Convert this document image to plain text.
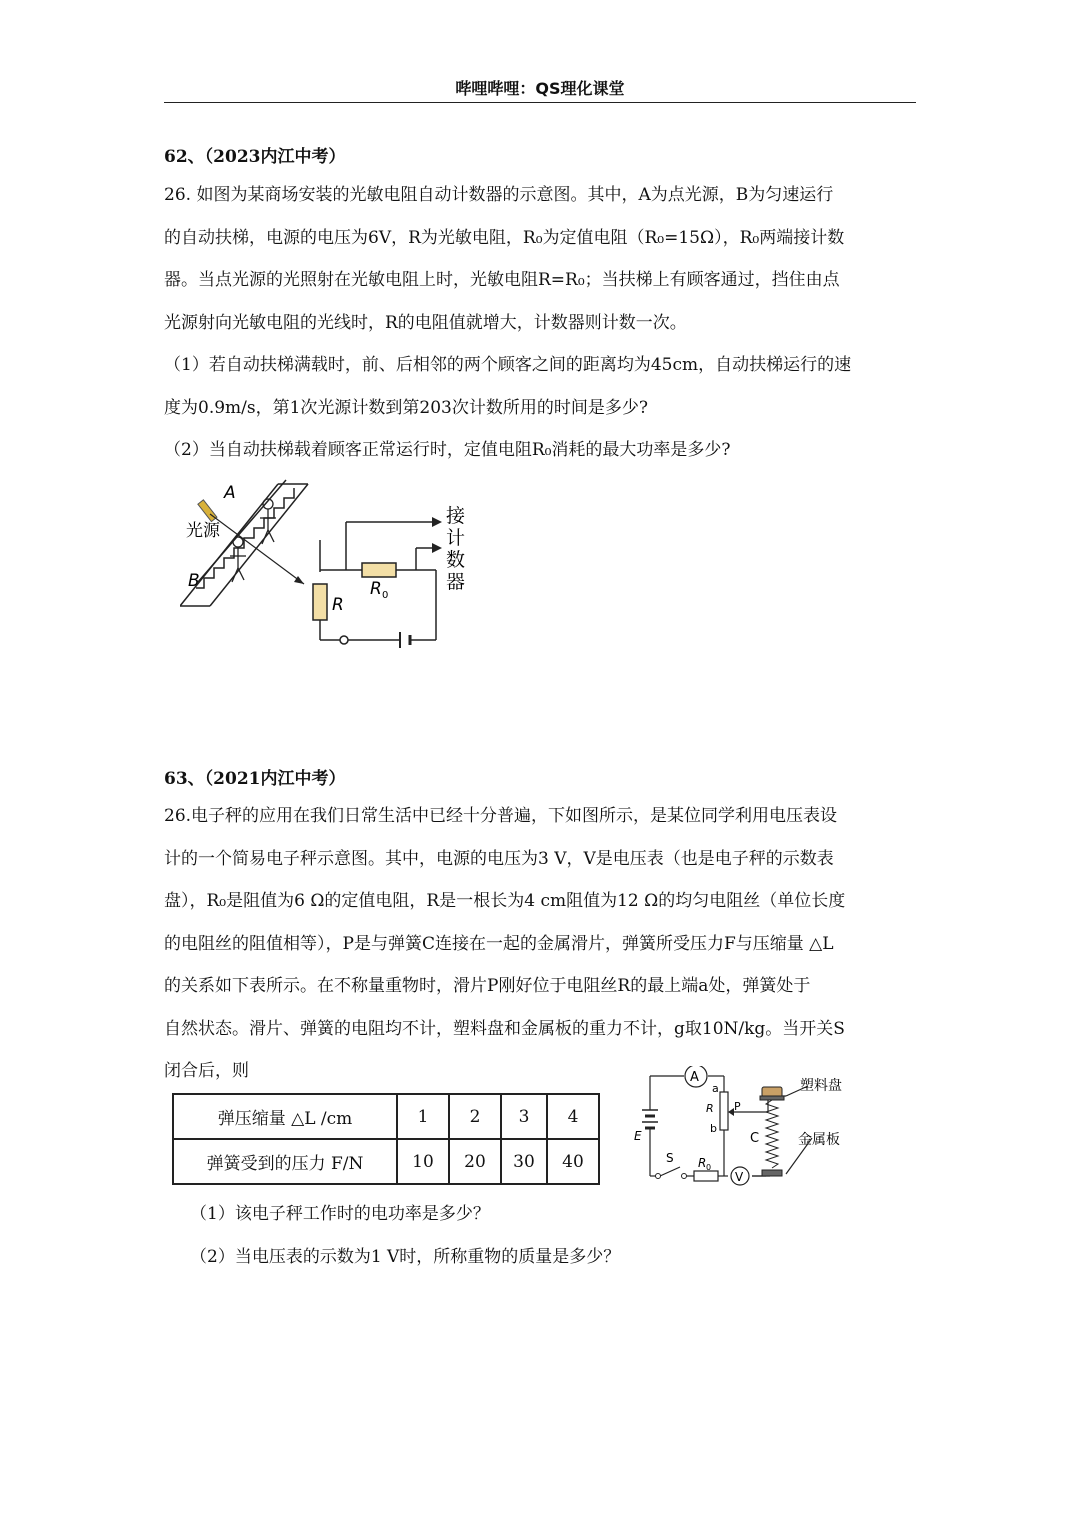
哔哩哔哩：QS理化课堂
62、（2023内江中考）
26. 如图为某商场安装的光敏电阻自动计数器的示意图。其中，A为点光源，B为匀速运行
的自动扶梯，电源的电压为6V，R为光敏电阻，R₀为定值电阻（R₀=15Ω），R₀两端接计数
器。当点光源的光照射在光敏电阻上时，光敏电阻R=R₀；当扶梯上有顾客通过，挡住由点
光源射向光敏电阻的光线时，R的电阻值就增大，计数器则计数一次。
（1）若自动扶梯满载时，前、后相邻的两个顾客之间的距离均为45cm，自动扶梯运行的速
度为0.9m/s，第1次光源计数到第203次计数所用的时间是多少?
（2）当自动扶梯载着顾客正常运行时，定值电阻R₀消耗的最大功率是多少?
A
光源
B
R
R 0
接
计
数
器
63、（2021内江中考）
26.电子秤的应用在我们日常生活中已经十分普遍，下如图所示，是某位同学利用电压表设
计的一个简易电子秤示意图。其中，电源的电压为3 V，V是电压表（也是电子秤的示数表
盘），R₀是阻值为6 Ω的定值电阻，R是一根长为4 cm阻值为12 Ω的均匀电阻丝（单位长度
的电阻丝的阻值相等），P是与弹簧C连接在一起的金属滑片，弹簧所受压力F与压缩量 △L
的关系如下表所示。在不称量重物时，滑片P刚好位于电阻丝R的最上端a处，弹簧处于
自然状态。滑片、弹簧的电阻均不计，塑料盘和金属板的重力不计，g取10N/kg。当开关S
闭合后，则
弹压缩量 △L /cm	1	2	3	4
弹簧受到的压力 F/N	10	20	30	40
A
E
S R 0
V
a
R P
b
C
塑料盘
金属板
（1）该电子秤工作时的电功率是多少？
（2）当电压表的示数为1 V时，所称重物的质量是多少？
